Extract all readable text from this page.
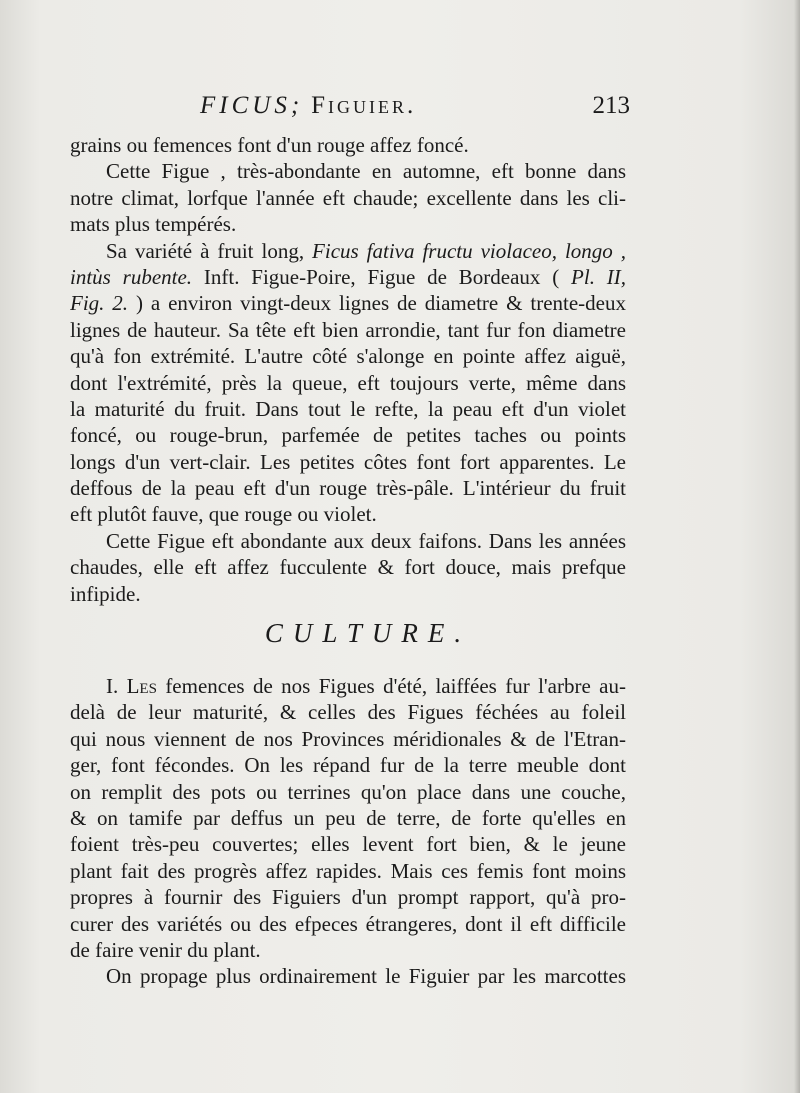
FICUS; Figuier.	213
grains ou femences font d'un rouge affez foncé.
Cette Figue , très-abondante en automne, eft bonne dans
notre climat, lorfque l'année eft chaude; excellente dans les cli-
mats plus tempérés.
Sa variété à fruit long, Ficus fativa fructu violaceo, longo ,
intùs rubente. Inft. Figue-Poire, Figue de Bordeaux ( Pl. II,
Fig. 2. ) a environ vingt-deux lignes de diametre & trente-deux
lignes de hauteur. Sa tête eft bien arrondie, tant fur fon diametre
qu'à fon extrémité. L'autre côté s'alonge en pointe affez aiguë,
dont l'extrémité, près la queue, eft toujours verte, même dans
la maturité du fruit. Dans tout le refte, la peau eft d'un violet
foncé, ou rouge-brun, parfemée de petites taches ou points
longs d'un vert-clair. Les petites côtes font fort apparentes. Le
deffous de la peau eft d'un rouge très-pâle. L'intérieur du fruit
eft plutôt fauve, que rouge ou violet.
Cette Figue eft abondante aux deux faifons. Dans les années
chaudes, elle eft affez fucculente & fort douce, mais prefque
infipide.
CULTURE.
I. Les femences de nos Figues d'été, laiffées fur l'arbre au-
delà de leur maturité, & celles des Figues féchées au foleil
qui nous viennent de nos Provinces méridionales & de l'Etran-
ger, font fécondes. On les répand fur de la terre meuble dont
on remplit des pots ou terrines qu'on place dans une couche,
& on tamife par deffus un peu de terre, de forte qu'elles en
foient très-peu couvertes; elles levent fort bien, & le jeune
plant fait des progrès affez rapides. Mais ces femis font moins
propres à fournir des Figuiers d'un prompt rapport, qu'à pro-
curer des variétés ou des efpeces étrangeres, dont il eft difficile
de faire venir du plant.
On propage plus ordinairement le Figuier par les marcottes
